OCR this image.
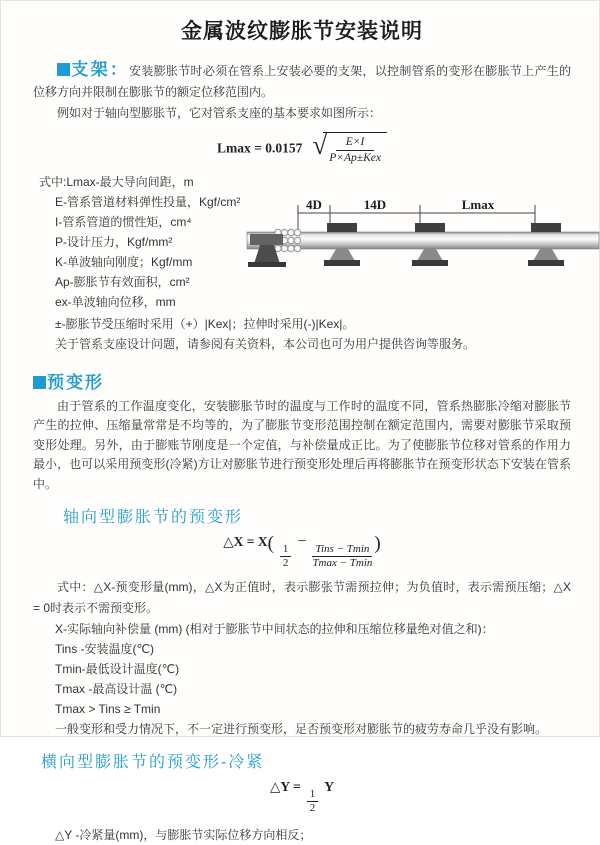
金属波纹膨胀节安装说明

支架：安装膨胀节时必须在管系上安装必要的支架，以控制管系的变形在膨胀节上产生的位移方向并限制在膨胀节的额定位移范围内。

例如对于轴向型膨胀节，它对管系支座的基本要求如图所示：

Lmax = 0.0157 √
$\frac{E\times I}{\text{P×Ap±Kex}}$
式中:Lmax-最大导向间距，m
E-管系管道材料弹性投量，Kgf/cm²
I-管系管道的惯性矩，cm⁴
P-设计压力，Kgf/mm²
K-单波轴向刚度；Kgf/mm
Ap-膨胀节有效面积，cm²
ex-单波轴向位移，mm
4D	14D	Lmax
±-膨胀节受压缩时采用（+）|Kex|；拉伸时采用(-)|Kex|。
关于管系支座设计问题，请参阅有关资料，本公司也可为用户提供咨询等服务。
预变形

由于管系的工作温度变化，安装膨胀节时的温度与工作时的温度不同，管系热膨胀冷缩对膨胀节产生的拉伸、压缩量常常是不均等的，为了膨胀节变形范围控制在额定范围内，需要对膨胀节采取预变形处理。另外，由于膨账节刚度是一个定值，与补偿量成正比。为了使膨胀节位移对管系的作用力最小，也可以采用预变形(冷紧)方让对膨胀节进行预变形处理后再将膨胀节在预变形状态下安装在管系中。

轴向型膨胀节的预变形
△X = $X( \frac{1}{2}$
−
$\frac{\text{Tins − Tmin}}{Tmax - Tmin}$ )

式中：△X-预变形量(mm)，△X为正值时，表示膨张节需预拉伸；为负值时，表示需预压缩；△X = 0时表示不需预变形。

X-实际轴向补偿量 (mm) (相对于膨胀节中间状态的拉伸和压缩位移量绝对值之和)：
Tins -安装温度(℃)
Tmin-最低设计温度(℃)
Tmax -最高设计温 (℃)
Tmax > Tins ≥ Tmin
一般变形和受力情况下，不一定进行预变形，足否预变形对膨胀节的疲劳寿命几乎没有影响。
横向型膨胀节的预变形-冷紧
△Y =
$\frac{1}{2}$
Y
△Y -冷紧量(mm)，与膨胀节实际位移方向相反；
